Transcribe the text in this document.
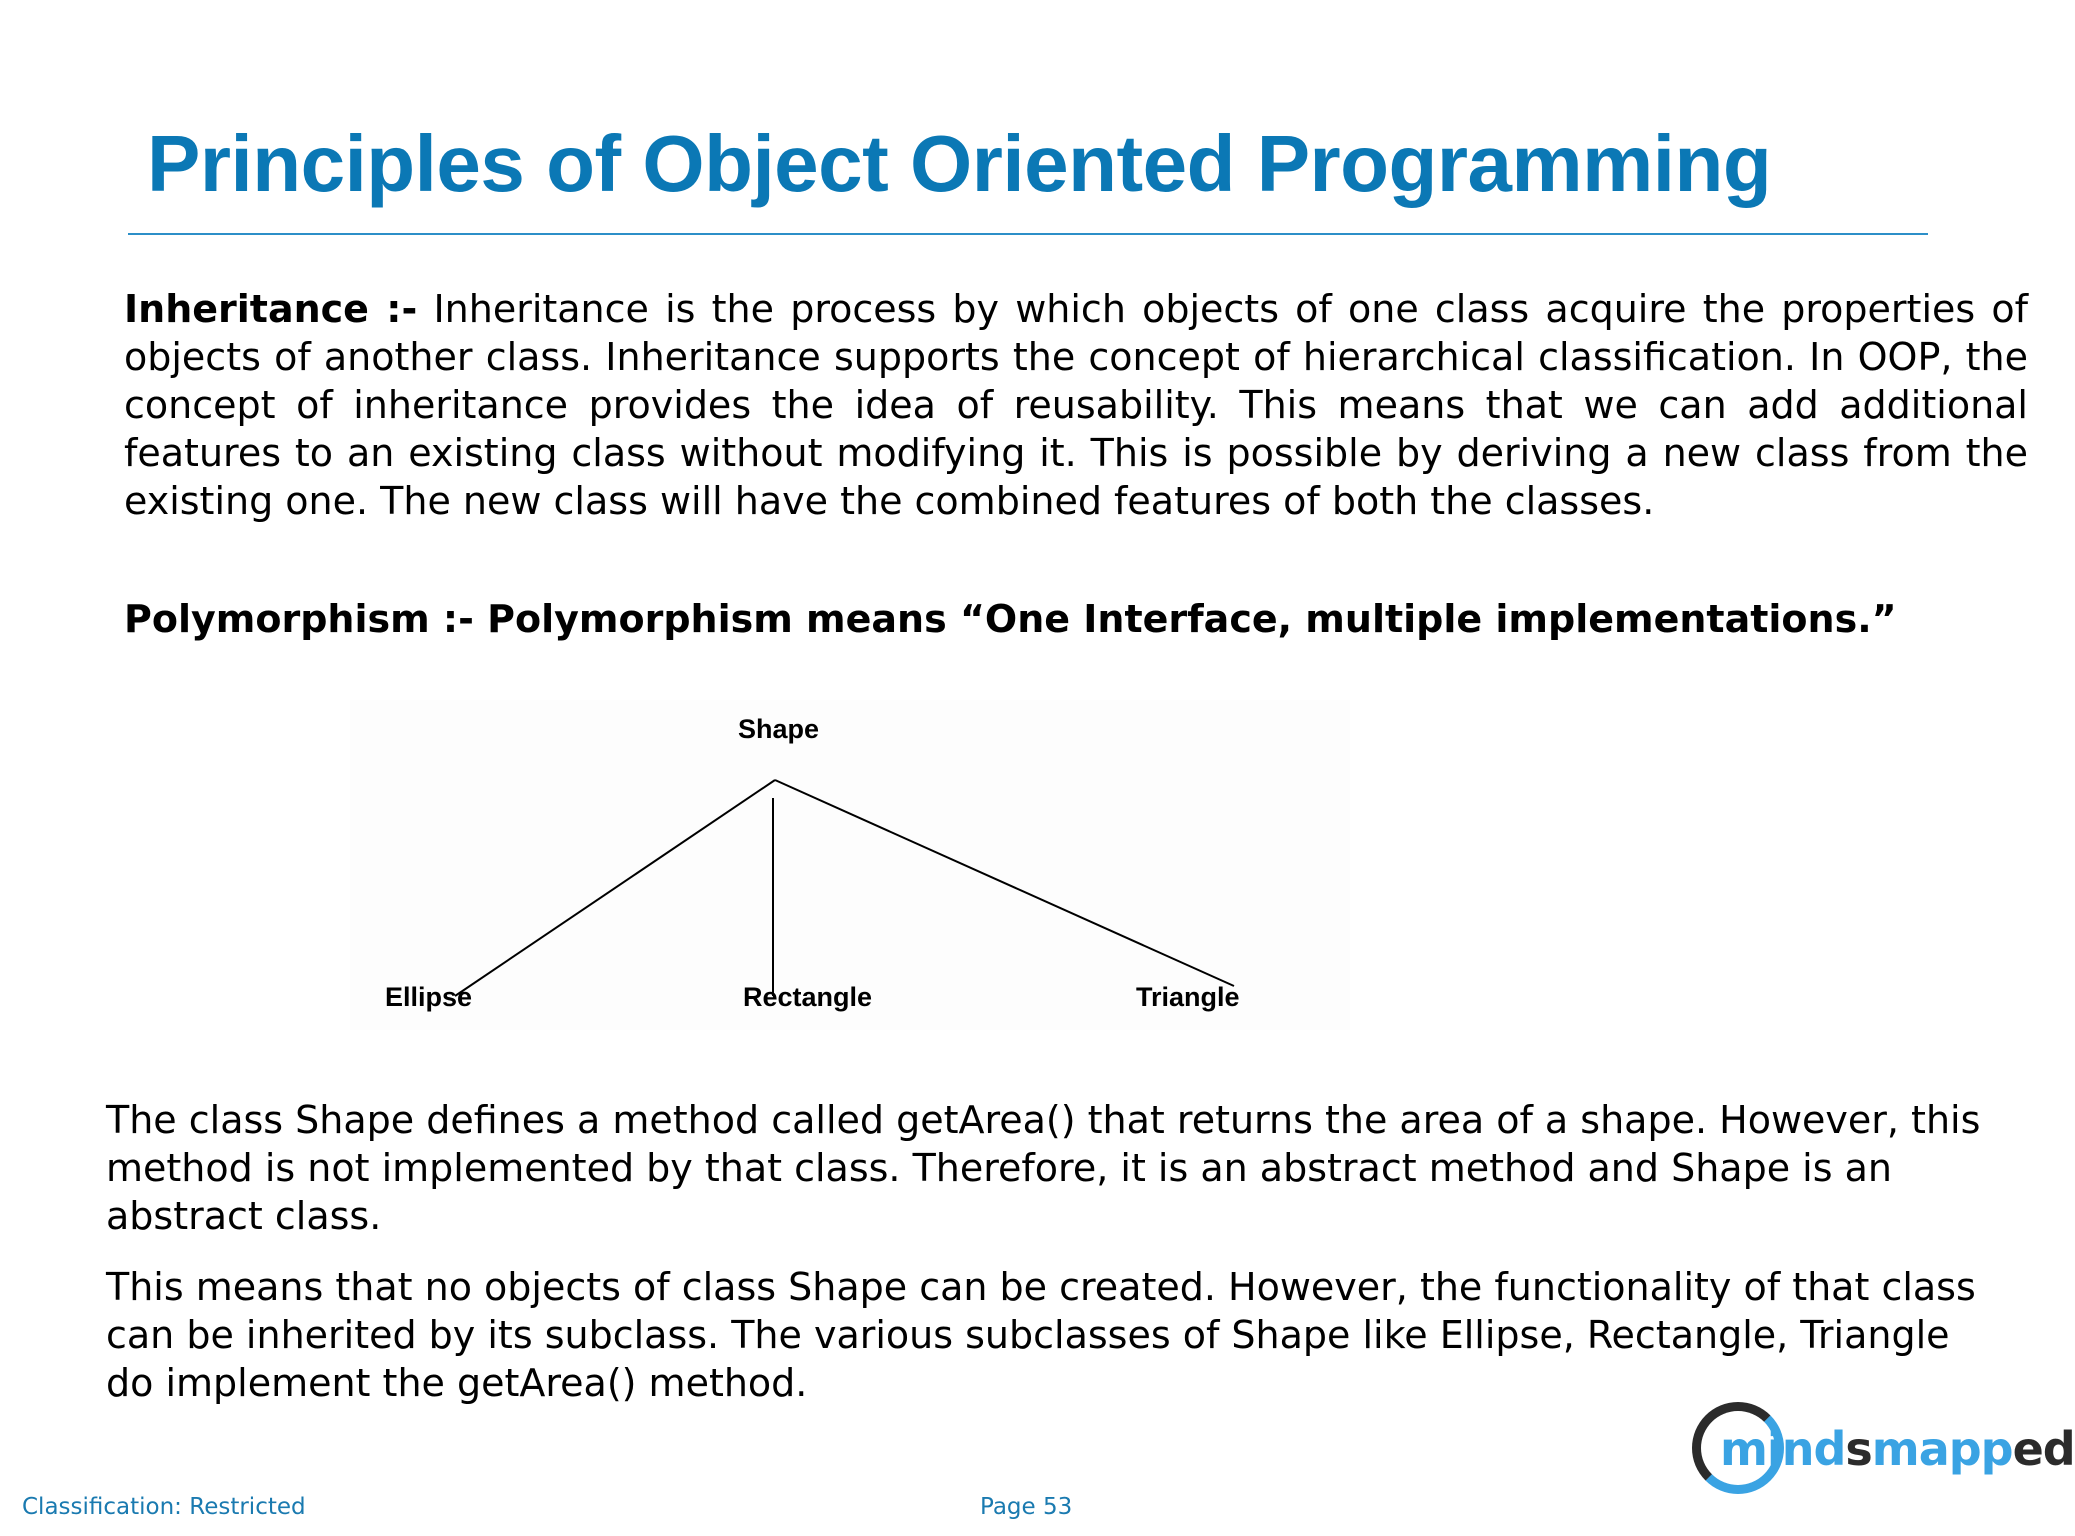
Principles of Object Oriented Programming

Inheritance :- Inheritance is the process by which objects of one class acquire the properties of objects of another class. Inheritance supports the concept of hierarchical classification. In OOP, the concept of inheritance provides the idea of reusability. This means that we can add additional features to an existing class without modifying it. This is possible by deriving a new class from the existing one. The new class will have the combined features of both the classes.

Polymorphism :- Polymorphism means “One Interface, multiple implementations.”

Shape
Ellipse	Rectangle	Triangle

The class Shape defines a method called getArea() that returns the area of a shape. However, this method is not implemented by that class. Therefore, it is an abstract method and Shape is an abstract class.

This means that no objects of class Shape can be created. However, the functionality of that class can be inherited by its subclass. The various subclasses of Shape like Ellipse, Rectangle, Triangle do implement the getArea() method.

Classification: Restricted	Page 53
mindsmapped
